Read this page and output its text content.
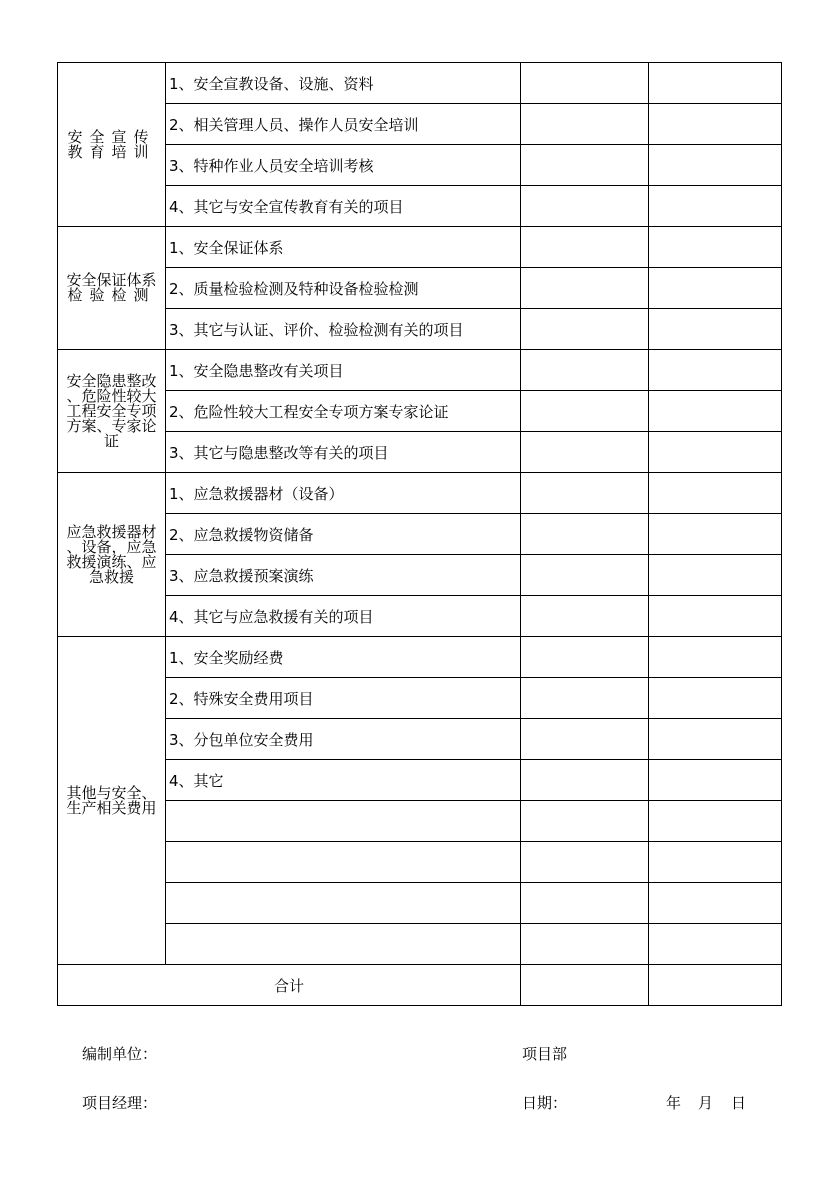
安全宣传
教育培训	1、安全宣教设备、设施、资料		
	2、相关管理人员、操作人员安全培训		
	3、特种作业人员安全培训考核		
	4、其它与安全宣传教育有关的项目		

安全保证体系
检验检测	1、安全保证体系		
	2、质量检验检测及特种设备检验检测		
	3、其它与认证、评价、检验检测有关的项目		

安全隐患整改
、危险性较大
工程安全专项
方案、专家论
证	1、安全隐患整改有关项目		
	2、危险性较大工程安全专项方案专家论证		
	3、其它与隐患整改等有关的项目		

应急救援器材
、设备，应急
救援演练、应
急救援	1、应急救援器材（设备）		
	2、应急救援物资储备		
	3、应急救援预案演练		
	4、其它与应急救援有关的项目		

其他与安全、
生产相关费用	1、安全奖励经费		
	2、特殊安全费用项目		
	3、分包单位安全费用		
	4、其它		

合计			
编制单位：	项目部
项目经理：	日期：	年 月 日
